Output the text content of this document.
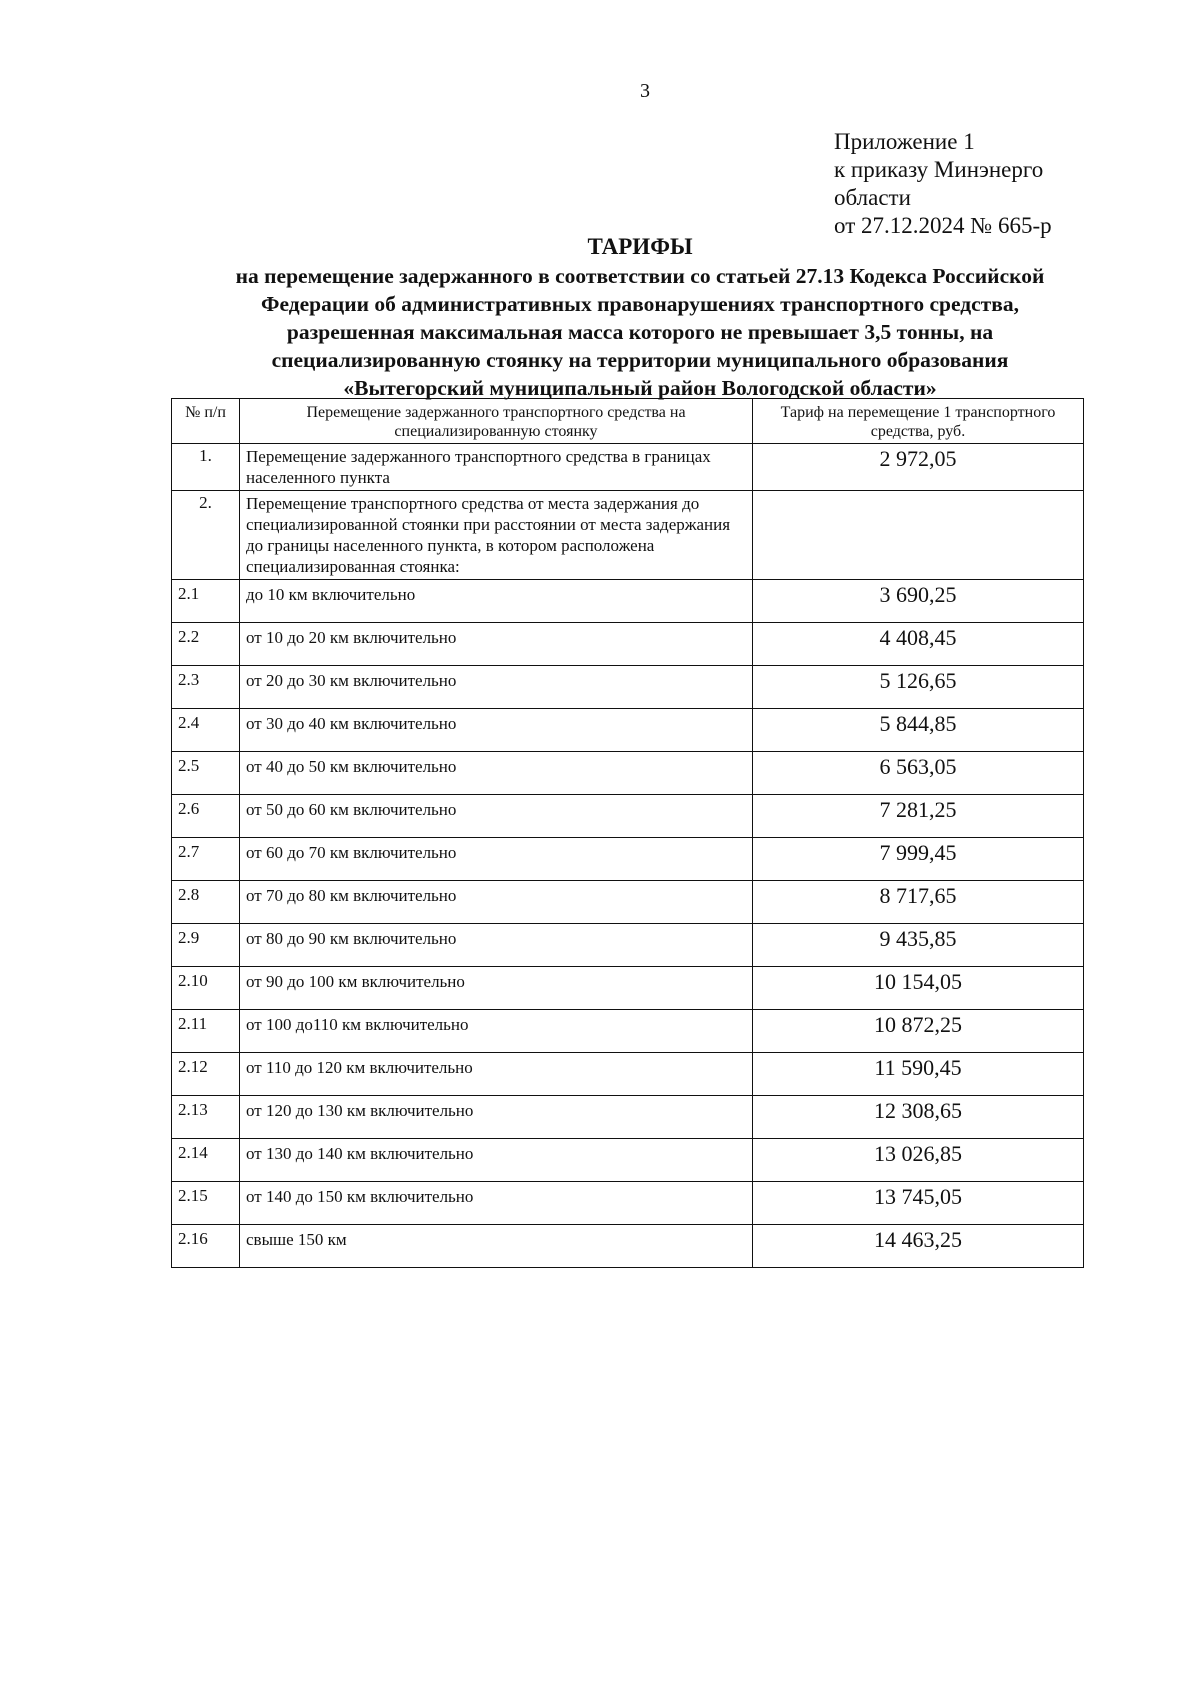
3
Приложение 1
к приказу Минэнерго
области
от 27.12.2024 № 665-р
ТАРИФЫ
на перемещение задержанного в соответствии со статьей 27.13 Кодекса Российской
Федерации об административных правонарушениях транспортного средства,
разрешенная максимальная масса которого не превышает 3,5 тонны, на
специализированную стоянку на территории муниципального образования
«Вытегорский муниципальный район Вологодской области»
№ п/п	Перемещение задержанного транспортного средства на специализированную стоянку	Тариф на перемещение 1 транспортного средства, руб.
1.	Перемещение задержанного транспортного средства в границах населенного пункта	2 972,05
2.	Перемещение транспортного средства от места задержания до специализированной стоянки при расстоянии от места задержания до границы населенного пункта, в котором расположена специализированная стоянка:	
2.1	до 10 км включительно	3 690,25
2.2	от 10 до 20 км включительно	4 408,45
2.3	от 20 до 30 км включительно	5 126,65
2.4	от 30 до 40 км включительно	5 844,85
2.5	от 40 до 50 км включительно	6 563,05
2.6	от 50 до 60 км включительно	7 281,25
2.7	от 60 до 70 км включительно	7 999,45
2.8	от 70 до 80 км включительно	8 717,65
2.9	от 80 до 90 км включительно	9 435,85
2.10	от 90 до 100 км включительно	10 154,05
2.11	от 100 до110 км включительно	10 872,25
2.12	от 110 до 120 км включительно	11 590,45
2.13	от 120 до 130 км включительно	12 308,65
2.14	от 130 до 140 км включительно	13 026,85
2.15	от 140 до 150 км включительно	13 745,05
2.16	свыше 150 км	14 463,25
